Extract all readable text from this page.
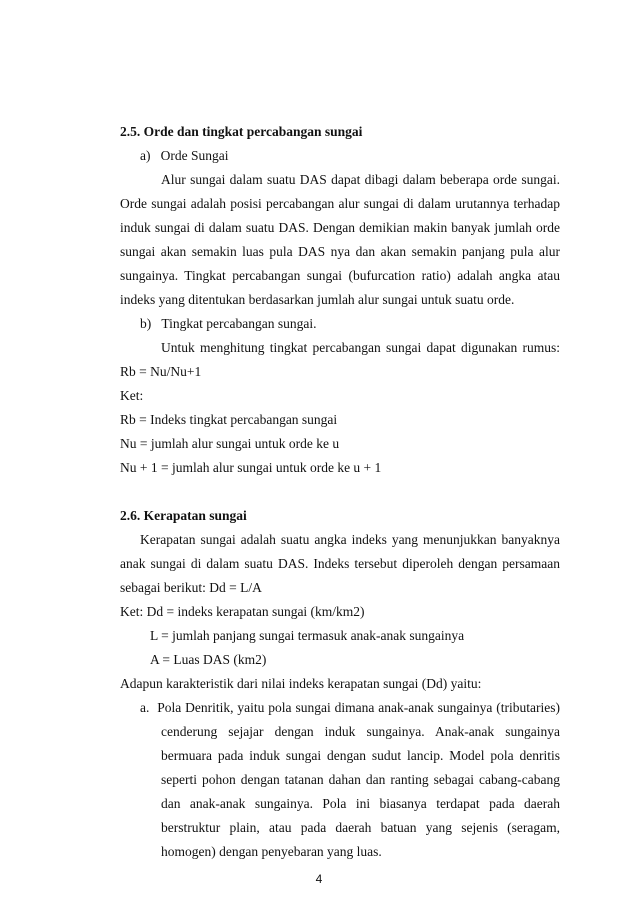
2.5. Orde dan tingkat percabangan sungai
a)   Orde Sungai
Alur sungai dalam suatu DAS dapat dibagi dalam beberapa orde sungai.
Orde sungai adalah posisi percabangan alur sungai di dalam urutannya terhadap
induk sungai di dalam suatu DAS. Dengan demikian makin banyak jumlah orde
sungai akan semakin luas pula DAS nya dan akan semakin panjang pula alur
sungainya. Tingkat percabangan sungai (bufurcation ratio) adalah angka atau
indeks yang ditentukan berdasarkan jumlah alur sungai untuk suatu orde.
b)   Tingkat percabangan sungai.
Untuk menghitung tingkat percabangan sungai dapat digunakan rumus:
Rb = Nu/Nu+1
Ket:
Rb = Indeks tingkat percabangan sungai
Nu = jumlah alur sungai untuk orde ke u
Nu + 1 = jumlah alur sungai untuk orde ke u + 1
2.6. Kerapatan sungai
Kerapatan sungai adalah suatu angka indeks yang menunjukkan banyaknya
anak sungai di dalam suatu DAS. Indeks tersebut diperoleh dengan persamaan
sebagai berikut: Dd = L/A
Ket: Dd = indeks kerapatan sungai (km/km2)
L = jumlah panjang sungai termasuk anak-anak sungainya
A = Luas DAS (km2)
Adapun karakteristik dari nilai indeks kerapatan sungai (Dd) yaitu:
a.  Pola Denritik, yaitu pola sungai dimana anak-anak sungainya (tributaries)
cenderung sejajar dengan induk sungainya. Anak-anak sungainya
bermuara pada induk sungai dengan sudut lancip. Model pola denritis
seperti pohon dengan tatanan dahan dan ranting sebagai cabang-cabang
dan anak-anak sungainya. Pola ini biasanya terdapat pada daerah
berstruktur plain, atau pada daerah batuan yang sejenis (seragam,
homogen) dengan penyebaran yang luas.
4
